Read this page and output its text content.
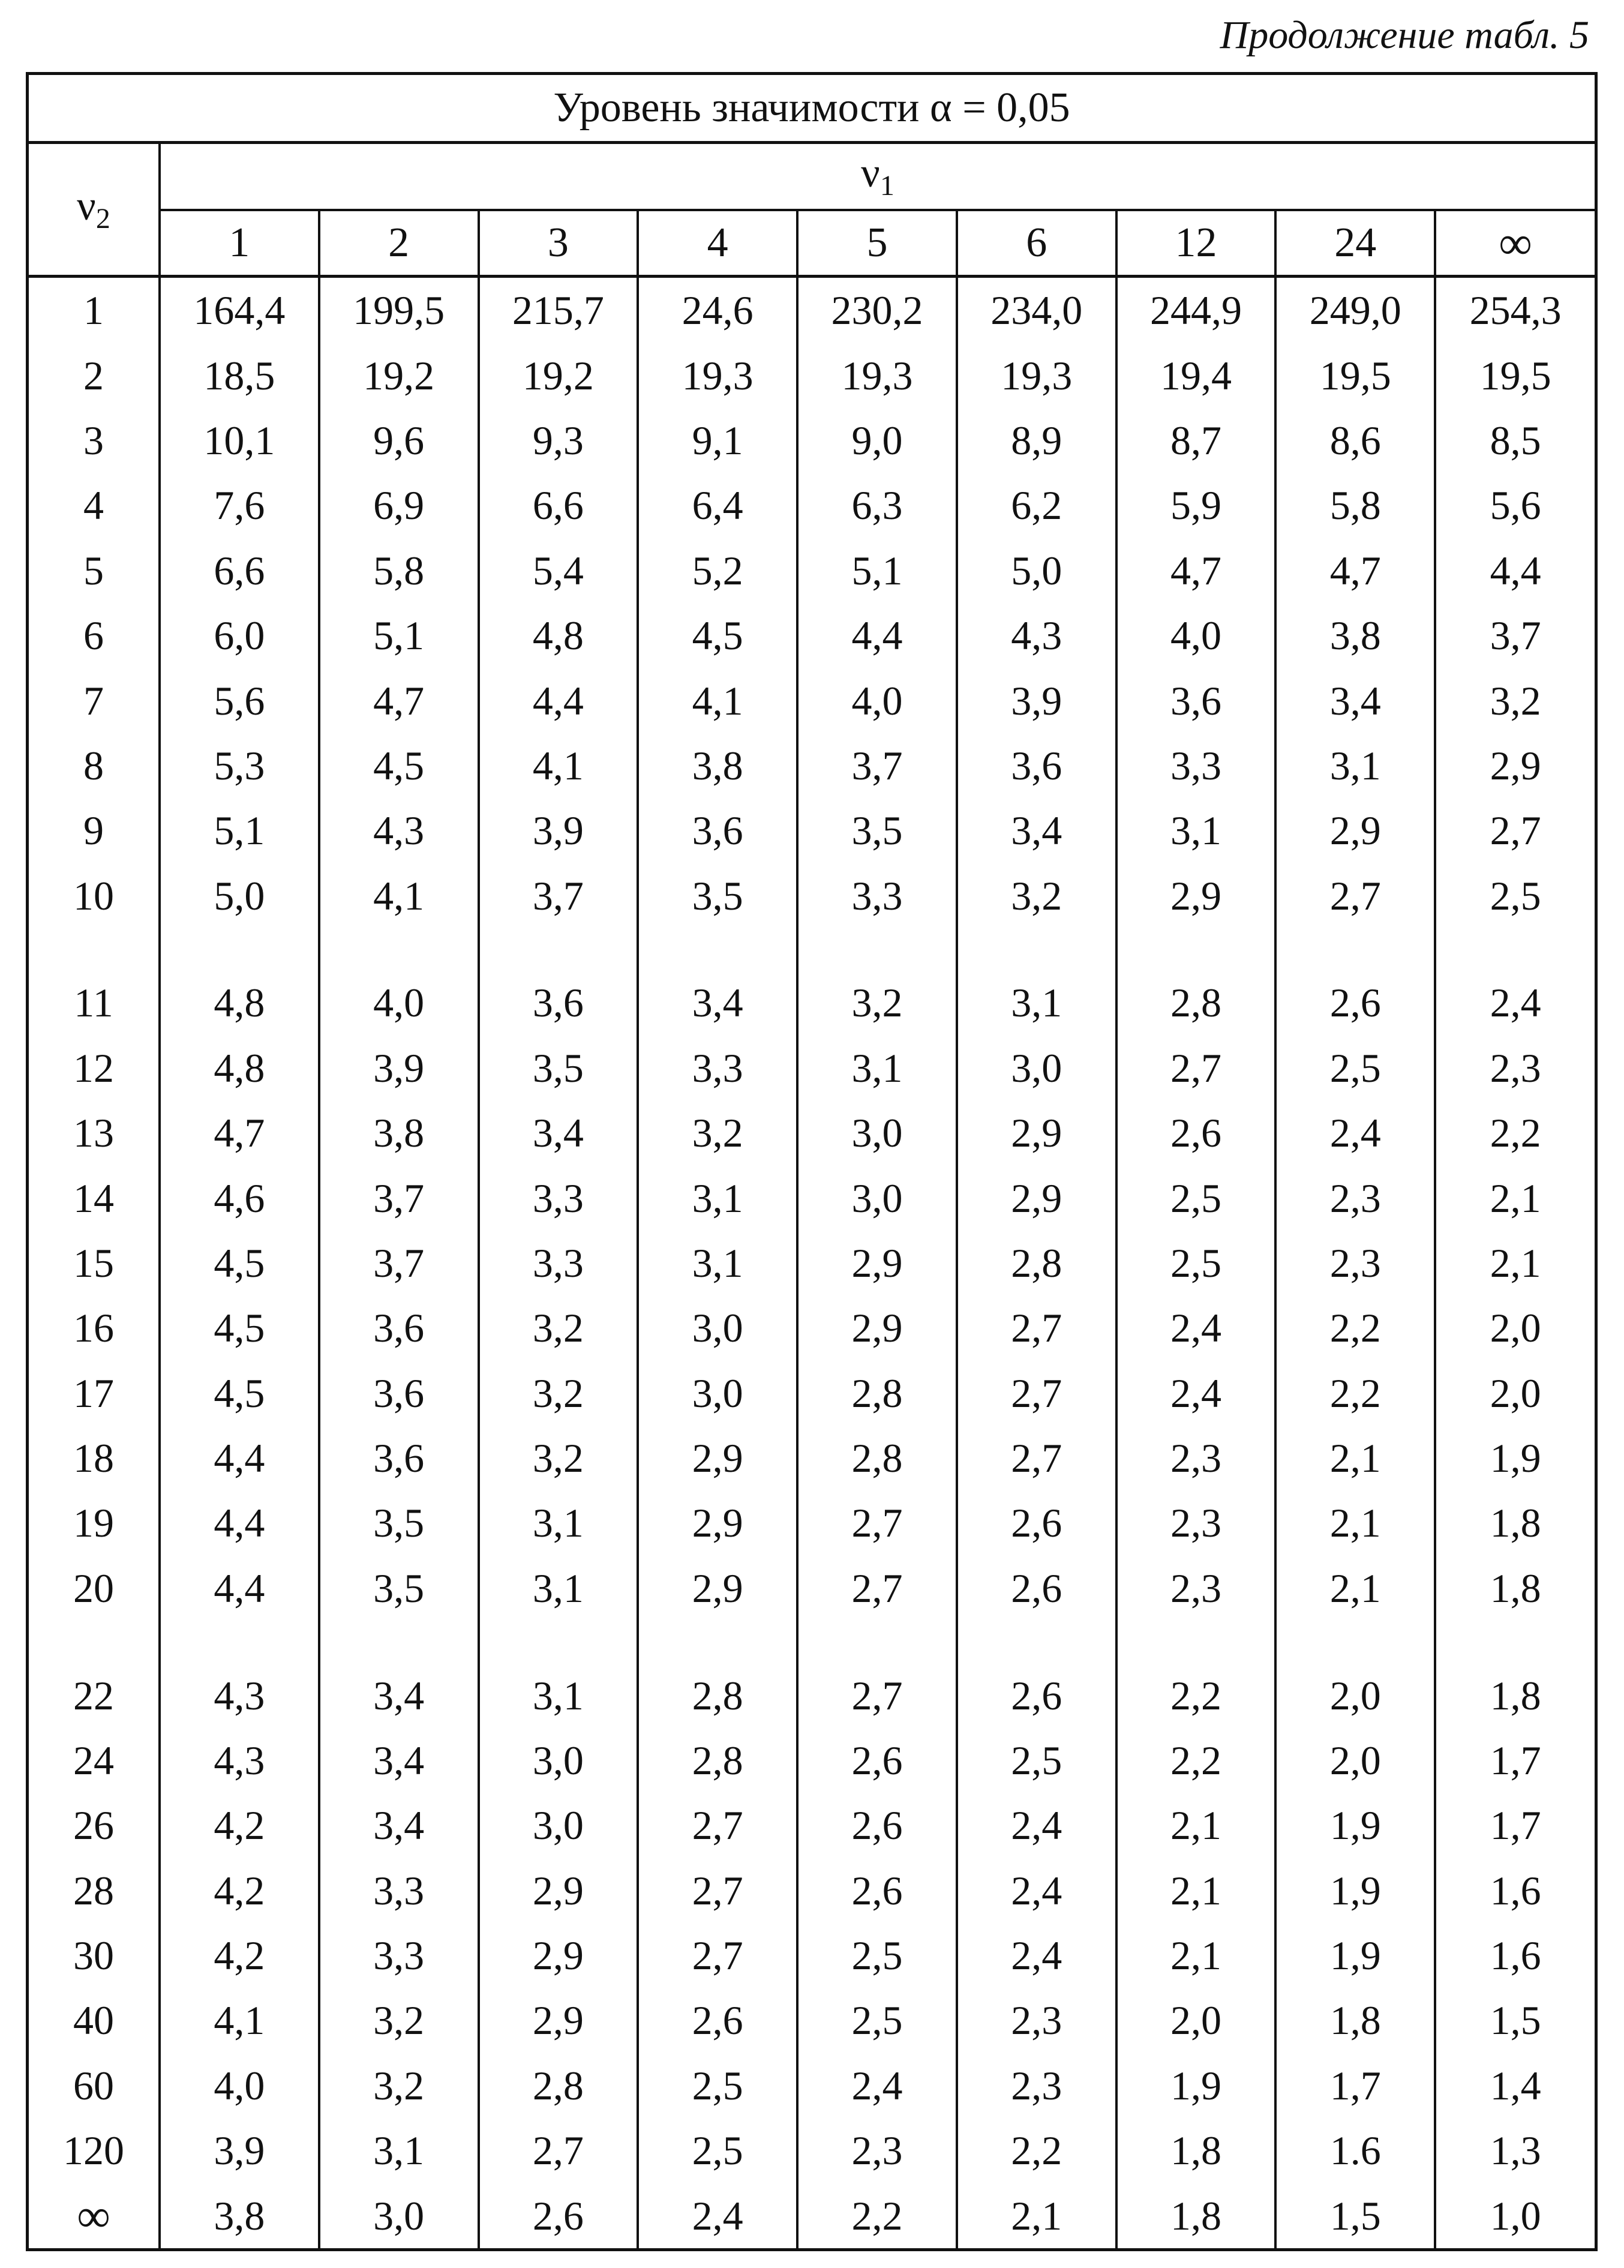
Продолжение табл. 5
Уровень значимости α = 0,05									
$\nu_2$	$\nu_1$
	1	2	3	4	5	6	12	24	∞
1	164,4	199,5	215,7	24,6	230,2	234,0	244,9	249,0	254,3
2	18,5	19,2	19,2	19,3	19,3	19,3	19,4	19,5	19,5
3	10,1	9,6	9,3	9,1	9,0	8,9	8,7	8,6	8,5
4	7,6	6,9	6,6	6,4	6,3	6,2	5,9	5,8	5,6
5	6,6	5,8	5,4	5,2	5,1	5,0	4,7	4,7	4,4
6	6,0	5,1	4,8	4,5	4,4	4,3	4,0	3,8	3,7
7	5,6	4,7	4,4	4,1	4,0	3,9	3,6	3,4	3,2
8	5,3	4,5	4,1	3,8	3,7	3,6	3,3	3,1	2,9
9	5,1	4,3	3,9	3,6	3,5	3,4	3,1	2,9	2,7
10	5,0	4,1	3,7	3,5	3,3	3,2	2,9	2,7	2,5

11	4,8	4,0	3,6	3,4	3,2	3,1	2,8	2,6	2,4
12	4,8	3,9	3,5	3,3	3,1	3,0	2,7	2,5	2,3
13	4,7	3,8	3,4	3,2	3,0	2,9	2,6	2,4	2,2
14	4,6	3,7	3,3	3,1	3,0	2,9	2,5	2,3	2,1
15	4,5	3,7	3,3	3,1	2,9	2,8	2,5	2,3	2,1
16	4,5	3,6	3,2	3,0	2,9	2,7	2,4	2,2	2,0
17	4,5	3,6	3,2	3,0	2,8	2,7	2,4	2,2	2,0
18	4,4	3,6	3,2	2,9	2,8	2,7	2,3	2,1	1,9
19	4,4	3,5	3,1	2,9	2,7	2,6	2,3	2,1	1,8
20	4,4	3,5	3,1	2,9	2,7	2,6	2,3	2,1	1,8

22	4,3	3,4	3,1	2,8	2,7	2,6	2,2	2,0	1,8
24	4,3	3,4	3,0	2,8	2,6	2,5	2,2	2,0	1,7
26	4,2	3,4	3,0	2,7	2,6	2,4	2,1	1,9	1,7
28	4,2	3,3	2,9	2,7	2,6	2,4	2,1	1,9	1,6
30	4,2	3,3	2,9	2,7	2,5	2,4	2,1	1,9	1,6
40	4,1	3,2	2,9	2,6	2,5	2,3	2,0	1,8	1,5
60	4,0	3,2	2,8	2,5	2,4	2,3	1,9	1,7	1,4
120	3,9	3,1	2,7	2,5	2,3	2,2	1,8	1.6	1,3
∞	3,8	3,0	2,6	2,4	2,2	2,1	1,8	1,5	1,0
